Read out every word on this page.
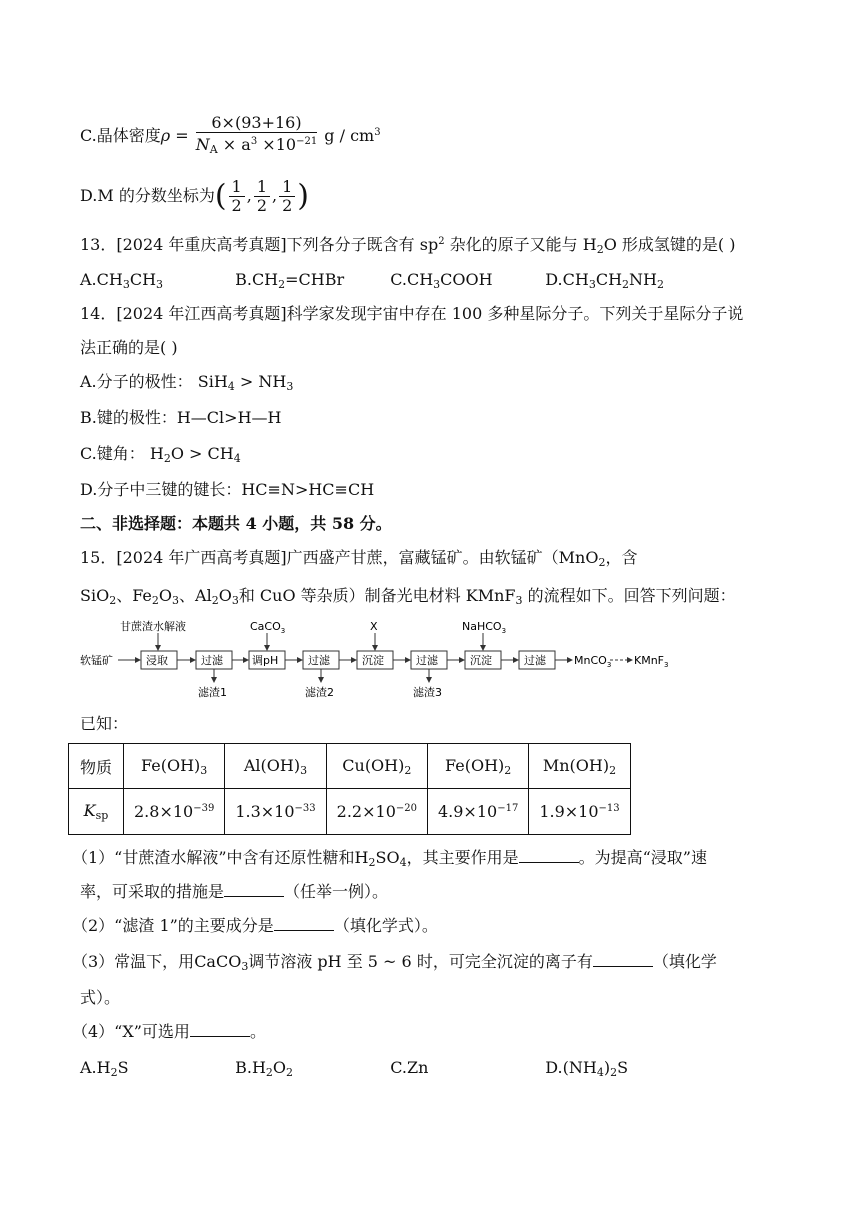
C.晶体密度$\rho = \frac{6\times(93+16)}{N_A \times a^3 \times 10^{-21}}$ g / $cm^3$
D.M 的分数坐标为( $\frac{1}{2}$ , $\frac{1}{2}$ , $\frac{1}{2}$ )
13．[2024 年重庆高考真题]下列各分子既含有 $sp^2$ 杂化的原子又能与 $H_2O$ 形成氢键的是( )
$A.CH_3CH_3$	$B.CH_2=CHBr$	$C.CH_3COOH$	$D.CH_3CH_2NH_2$
14．[2024 年江西高考真题]科学家发现宇宙中存在 100 多种星际分子。下列关于星际分子说
法正确的是( )
A.分子的极性： $SiH_4 > NH_3$
B.键的极性：H—Cl>H—H
C.键角： $H_2O > CH_4$
D.分子中三键的键长：HC≡N>HC≡CH
二、非选择题：本题共 4 小题，共 58 分。
15．[2024 年广西高考真题]广西盛产甘蔗，富藏锰矿。由软锰矿（MnO$_2$，含
SiO$_2$、$Fe_2O_3$、$Al_2O_3$和 CuO 等杂质）制备光电材料 KMnF$_3$ 的流程如下。回答下列问题：
软锰矿
甘蔗渣水解液
浸取	过滤
滤渣1
CaCO$_3$
调pH	过滤
滤渣2
X
沉淀	过滤
滤渣3
NaHCO$_3$
沉淀	过滤	MnCO$_3$ KMnF$_3$
已知：
物质	$Fe(OH)_3$	$Al(OH)_3$	$Cu(OH)_2$	$Fe(OH)_2$	$Mn(OH)_2$
$K_{sp}$	$2.8\times 10^{-39}$	$1.3\times 10^{-33}$	$2.2\times 10^{-20}$	$4.9\times 10^{-17}$	$1.9\times 10^{-13}$
（1）“甘蔗渣水解液”中含有还原性糖和$H_2SO_4$，其主要作用是	。为提高“浸取”速
率，可采取的措施是	（任举一例）。
（2）“滤渣 1”的主要成分是	（填化学式）。
（3）常温下，用CaCO$_3$调节溶液 pH 至 5 ~ 6 时，可完全沉淀的离子有	（填化学
式）。
（4）“X”可选用	。
$A.H_2S$	$B.H_2O_2$	C.Zn	$D.(NH_4)_2S$
